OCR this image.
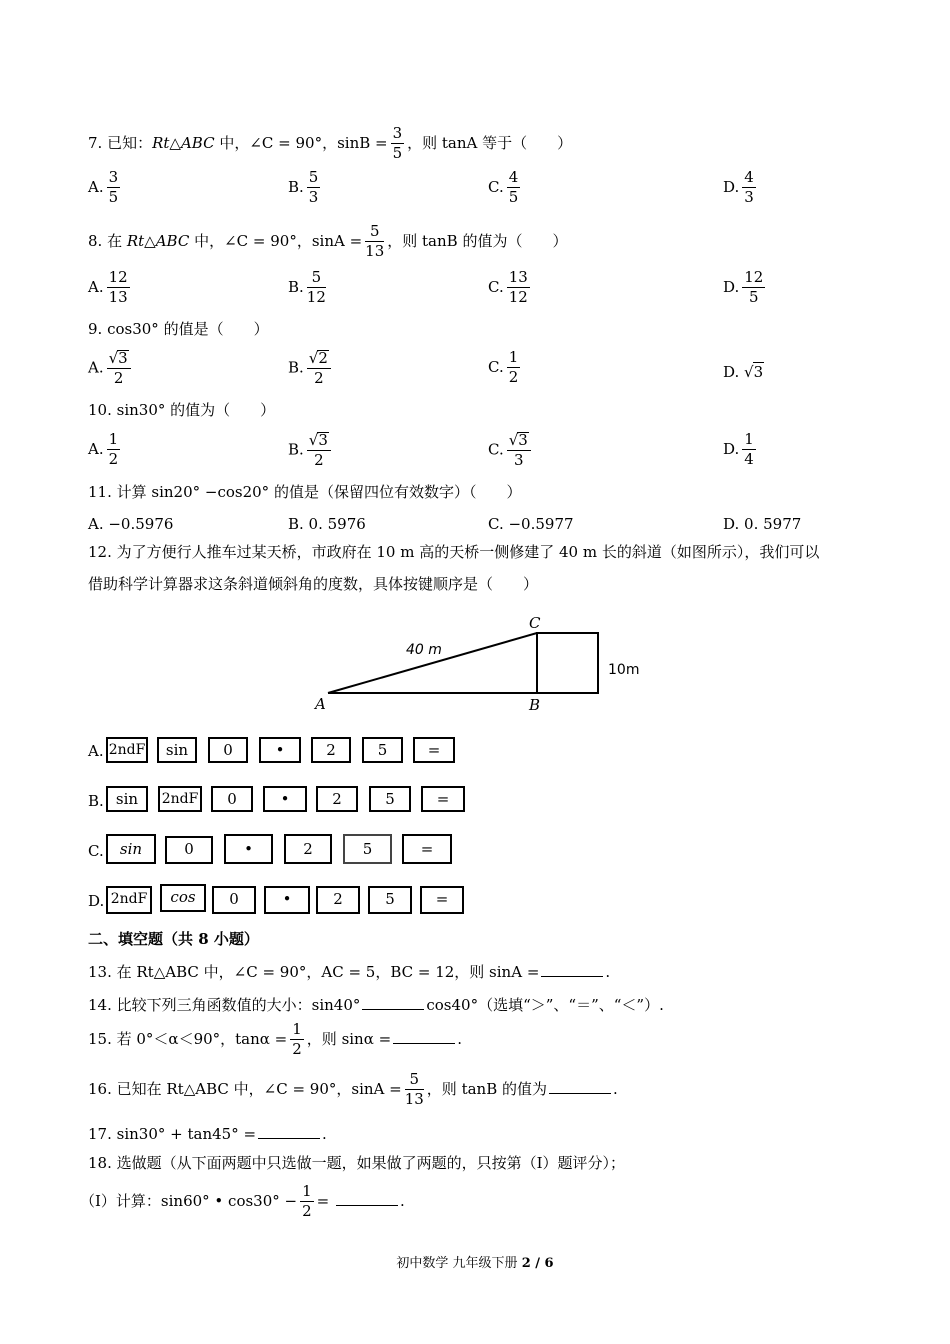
7. 已知：Rt△ABC 中，∠C = 90°，$\sin B = \frac{3}{5}$ ，则 tanA 等于（　　）
A. $\frac{3}{5}$	B. $\frac{5}{3}$	C. $\frac{4}{5}$	D. $\frac{4}{3}$
8. 在 Rt△ABC 中，∠C = 90°，$\sin A = \frac{5}{13}$ ，则 tanB 的值为（　　）
A. $\frac{12}{13}$	B. $\frac{5}{12}$	C. $\frac{13}{12}$	D. $\frac{12}{5}$
9. cos30° 的值是（　　）
A. $\frac{√3}{2}$	B. $\frac{√2}{2}$	C. $\frac{1}{2}$	D. √3
10. sin30° 的值为（　　）
A. $\frac{1}{2}$	B. $\frac{√3}{2}$	C. $\frac{√3}{3}$	D. $\frac{1}{4}$
11. 计算 sin20° −cos20° 的值是（保留四位有效数字）（　　）
A. −0.5976	B. 0. 5976	C. −0.5977	D. 0. 5977
12. 为了方便行人推车过某天桥，市政府在 10 m 高的天桥一侧修建了 40 m 长的斜道（如图所示），我们可以
借助科学计算器求这条斜道倾斜角的度数，具体按键顺序是（　　）
40 m
10m
C
A	B
A. 2ndF	sin	0	•	2	5	=
B. sin	2ndF	0	•	2	5	=
C.	sin	0	•	2	5	=
D. 2ndF	cos	0	•	2	5	=
二、填空题（共 8 小题）
13. 在 Rt△ABC 中，∠C = 90°，AC = 5，BC = 12，则 sinA =	.
14. 比较下列三角函数值的大小：sin40°	cos40°（选填“＞”、“＝”、“＜”）.
15. 若 0°＜α＜90°，$\tan\alpha = \frac{1}{2}$ ，则 sinα =	.
16. 已知在 Rt△ABC 中，∠C = 90°，$\sin A = \frac{5}{13}$ ，则 tanB 的值为	.
17. sin30° + tan45° =	.
18. 选做题（从下面两题中只选做一题，如果做了两题的，只按第（Ⅰ）题评分）；
（Ⅰ）计算：sin60° • $\cos 30^\circ - \frac{1}{2}$ =	.
初中数学 九年级下册 2 / 6
